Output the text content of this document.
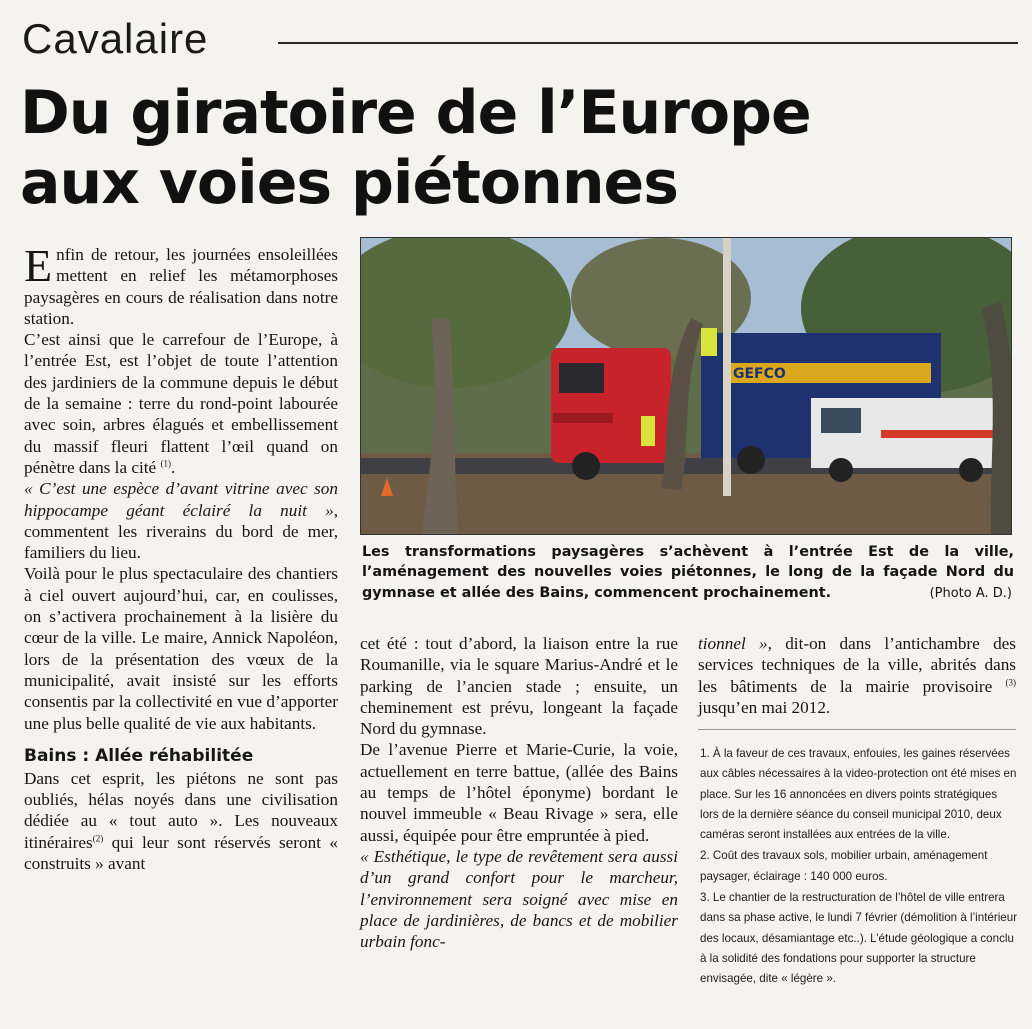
Cavalaire
Du giratoire de l’Europe
aux voies piétonnes

Enfin de retour, les journées ensoleillées mettent en relief les métamorphoses paysagères en cours de réalisation dans notre station.

C’est ainsi que le carrefour de l’Europe, à l’entrée Est, est l’objet de toute l’attention des jardiniers de la commune depuis le début de la semaine : terre du rond-point labourée avec soin, arbres élagués et embellissement du massif fleuri flattent l’œil quand on pénètre dans la cité $^{(1)}$.

« C’est une espèce d’avant vitrine avec son hippocampe géant éclairé la nuit », commentent les riverains du bord de mer, familiers du lieu.

Voilà pour le plus spectaculaire des chantiers à ciel ouvert aujourd’hui, car, en coulisses, on s’activera prochainement à la lisière du cœur de la ville. Le maire, Annick Napoléon, lors de la présentation des vœux de la municipalité, avait insisté sur les efforts consentis par la collectivité en vue d’apporter une plus belle qualité de vie aux habitants.

Bains : Allée réhabilitée

Dans cet esprit, les piétons ne sont pas oubliés, hélas noyés dans une civilisation dédiée au « tout auto ». Les nouveaux itinéraires$^{(2)}$ qui leur sont réservés seront « construits » avant

GEFCO
Les transformations paysagères s’achèvent à l’entrée Est de la ville, l’aménagement des nouvelles voies piétonnes, le long de la façade Nord du gymnase et allée des Bains, commencent prochainement.	(Photo A. D.)

cet été : tout d’abord, la liaison entre la rue Roumanille, via le square Marius-André et le parking de l’ancien stade ; ensuite, un cheminement est prévu, longeant la façade Nord du gymnase.

De l’avenue Pierre et Marie-Curie, la voie, actuellement en terre battue, (allée des Bains au temps de l’hôtel éponyme) bordant le nouvel immeuble « Beau Rivage » sera, elle aussi, équipée pour être empruntée à pied.

« Esthétique, le type de revêtement sera aussi d’un grand confort pour le marcheur, l’environnement sera soigné avec mise en place de jardinières, de bancs et de mobilier urbain fonc-

tionnel », dit-on dans l’antichambre des services techniques de la ville, abrités dans les bâtiments de la mairie provisoire $^{(3)}$ jusqu’en mai 2012.

1. À la faveur de ces travaux, enfouies, les gaines réservées aux câbles nécessaires à la video-protection ont été mises en place. Sur les 16 annoncées en divers points stratégiques lors de la dernière séance du conseil municipal 2010, deux caméras seront installées aux entrées de la ville.

2. Coût des travaux sols, mobilier urbain, aménagement paysager, éclairage : 140 000 euros.

3. Le chantier de la restructuration de l’hôtel de ville entrera dans sa phase active, le lundi 7 février (démolition à l’intérieur des locaux, désamiantage etc..). L’étude géologique a conclu à la solidité des fondations pour supporter la structure envisagée, dite « légère ».
